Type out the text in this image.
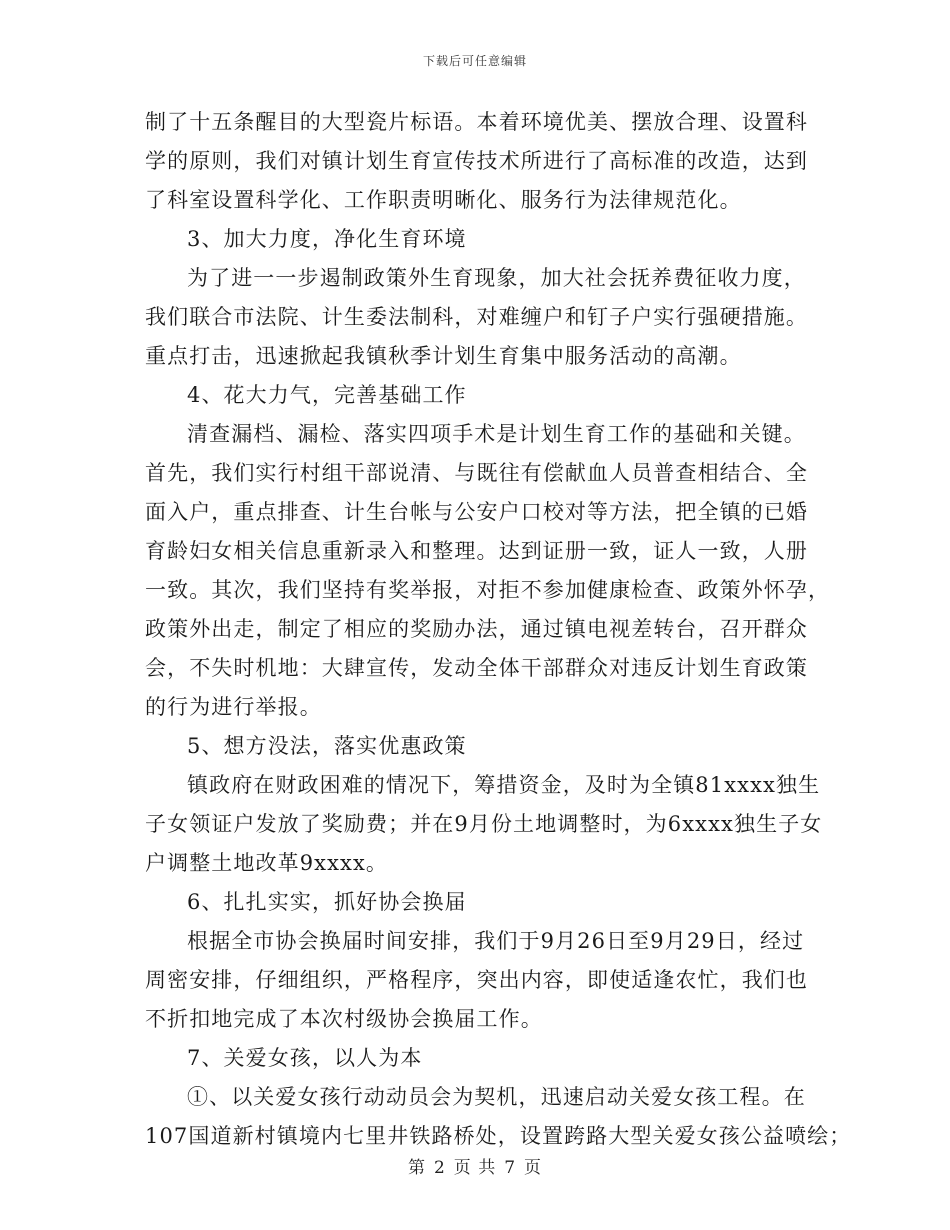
下载后可任意编辑
制了十五条醒目的大型瓷片标语。本着环境优美、摆放合理、设置科
学的原则，我们对镇计划生育宣传技术所进行了高标准的改造，达到
了科室设置科学化、工作职责明晰化、服务行为法律规范化。
3、加大力度，净化生育环境
为了进一一步遏制政策外生育现象，加大社会抚养费征收力度，
我们联合市法院、计生委法制科，对难缠户和钉子户实行强硬措施。
重点打击，迅速掀起我镇秋季计划生育集中服务活动的高潮。
4、花大力气，完善基础工作
清查漏档、漏检、落实四项手术是计划生育工作的基础和关键。
首先，我们实行村组干部说清、与既往有偿献血人员普查相结合、全
面入户，重点排查、计生台帐与公安户口校对等方法，把全镇的已婚
育龄妇女相关信息重新录入和整理。达到证册一致，证人一致，人册
一致。其次，我们坚持有奖举报，对拒不参加健康检查、政策外怀孕，
政策外出走，制定了相应的奖励办法，通过镇电视差转台，召开群众
会，不失时机地：大肆宣传，发动全体干部群众对违反计划生育政策
的行为进行举报。
5、想方没法，落实优惠政策
镇政府在财政困难的情况下，筹措资金，及时为全镇81xxxx独生
子女领证户发放了奖励费；并在9月份土地调整时，为6xxxx独生子女
户调整土地改革9xxxx。
6、扎扎实实，抓好协会换届
根据全市协会换届时间安排，我们于9月26日至9月29日，经过
周密安排，仔细组织，严格程序，突出内容，即使适逢农忙，我们也
不折扣地完成了本次村级协会换届工作。
7、关爱女孩，以人为本
①、以关爱女孩行动动员会为契机，迅速启动关爱女孩工程。在
107国道新村镇境内七里井铁路桥处，设置跨路大型关爱女孩公益喷绘；
第 2 页 共 7 页
